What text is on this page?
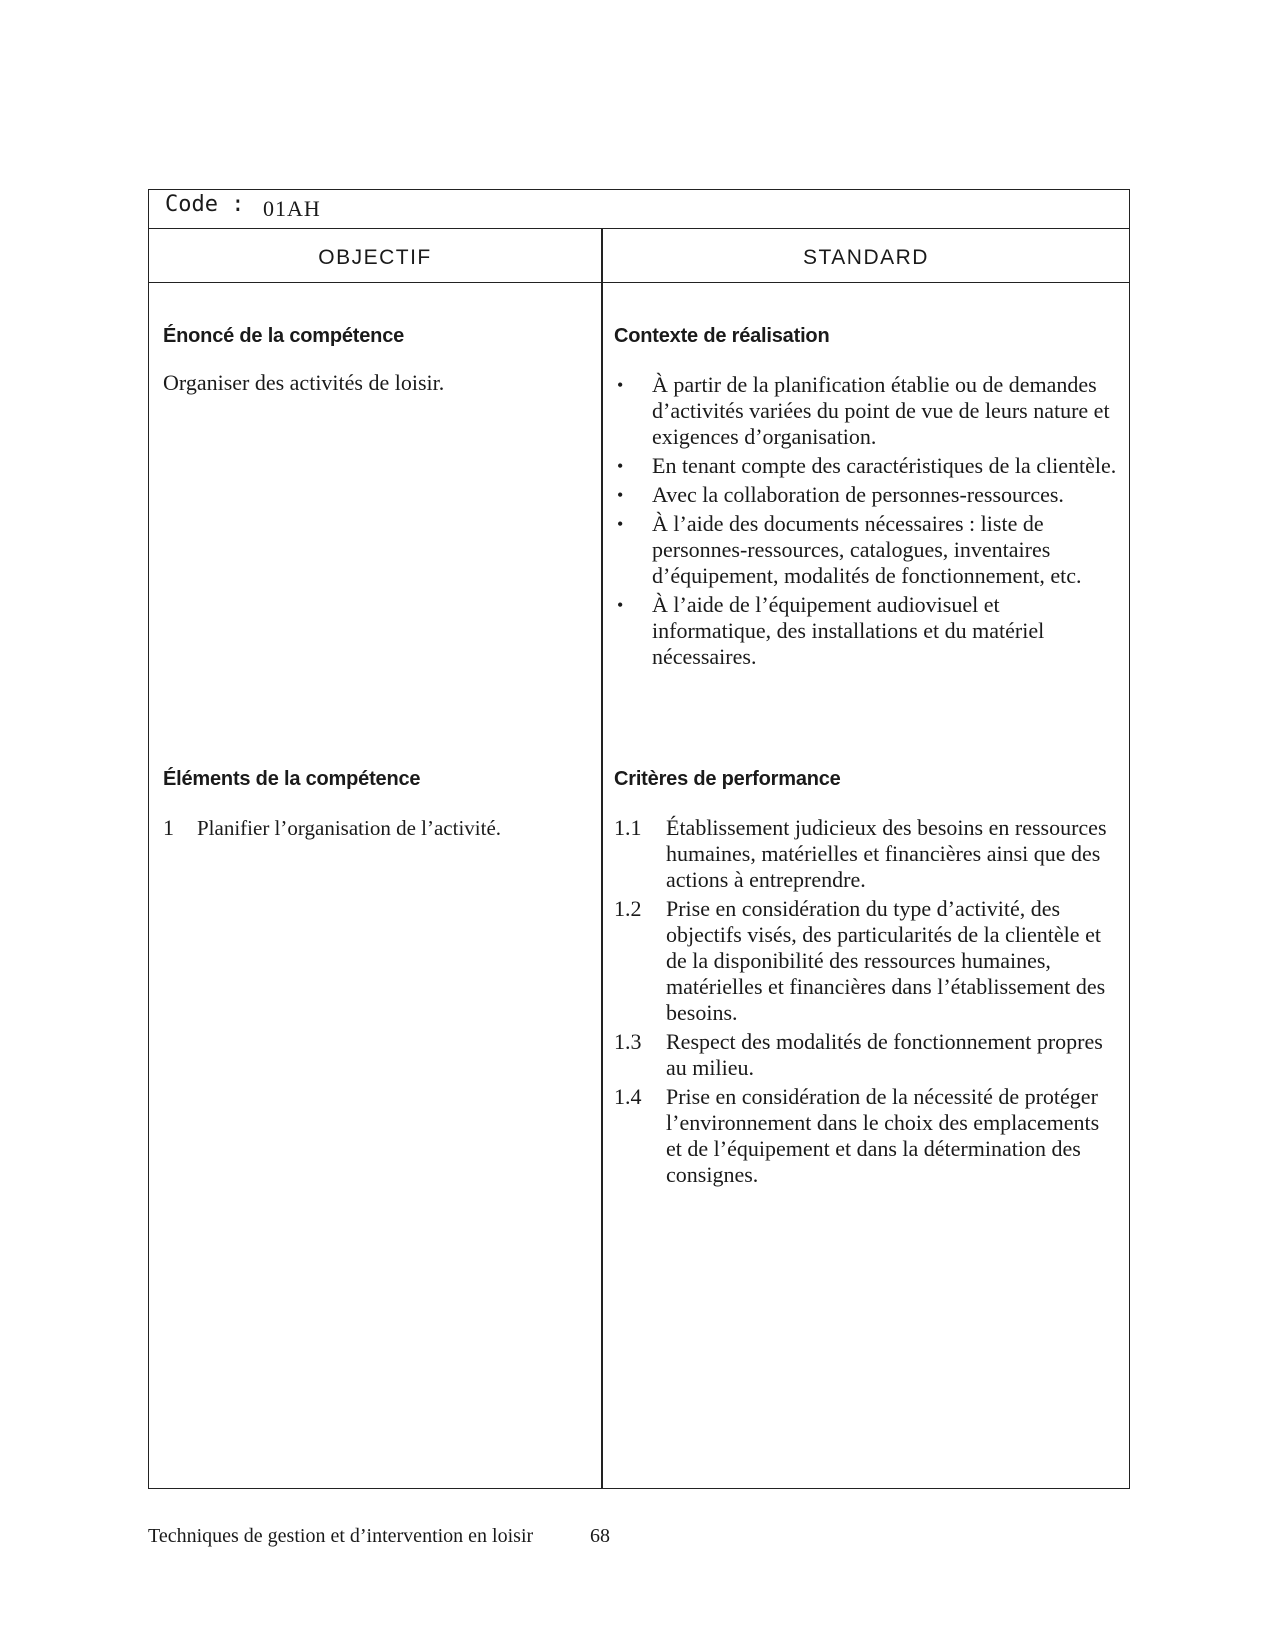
Code : 01AH
OBJECTIF	STANDARD
Énoncé de la compétence

Organiser des activités de loisir.

Éléments de la compétence

1 Planifier l’organisation de l’activité.

Contexte de réalisation
• À partir de la planification établie ou de demandes d’activités variées du point de vue de leurs nature et exigences d’organisation.
• En tenant compte des caractéristiques de la clientèle.
• Avec la collaboration de personnes-ressources.
• À l’aide des documents nécessaires : liste de personnes-ressources, catalogues, inventaires d’équipement, modalités de fonctionnement, etc.
• À l’aide de l’équipement audiovisuel et informatique, des installations et du matériel nécessaires.
Critères de performance
1.1 Établissement judicieux des besoins en ressources humaines, matérielles et financières ainsi que des actions à entreprendre.
1.2 Prise en considération du type d’activité, des objectifs visés, des particularités de la clientèle et de la disponibilité des ressources humaines, matérielles et financières dans l’établissement des besoins.
1.3 Respect des modalités de fonctionnement propres au milieu.
1.4 Prise en considération de la nécessité de protéger l’environnement dans le choix des emplacements et de l’équipement et dans la détermination des consignes.
Techniques de gestion et d’intervention en loisir	68
